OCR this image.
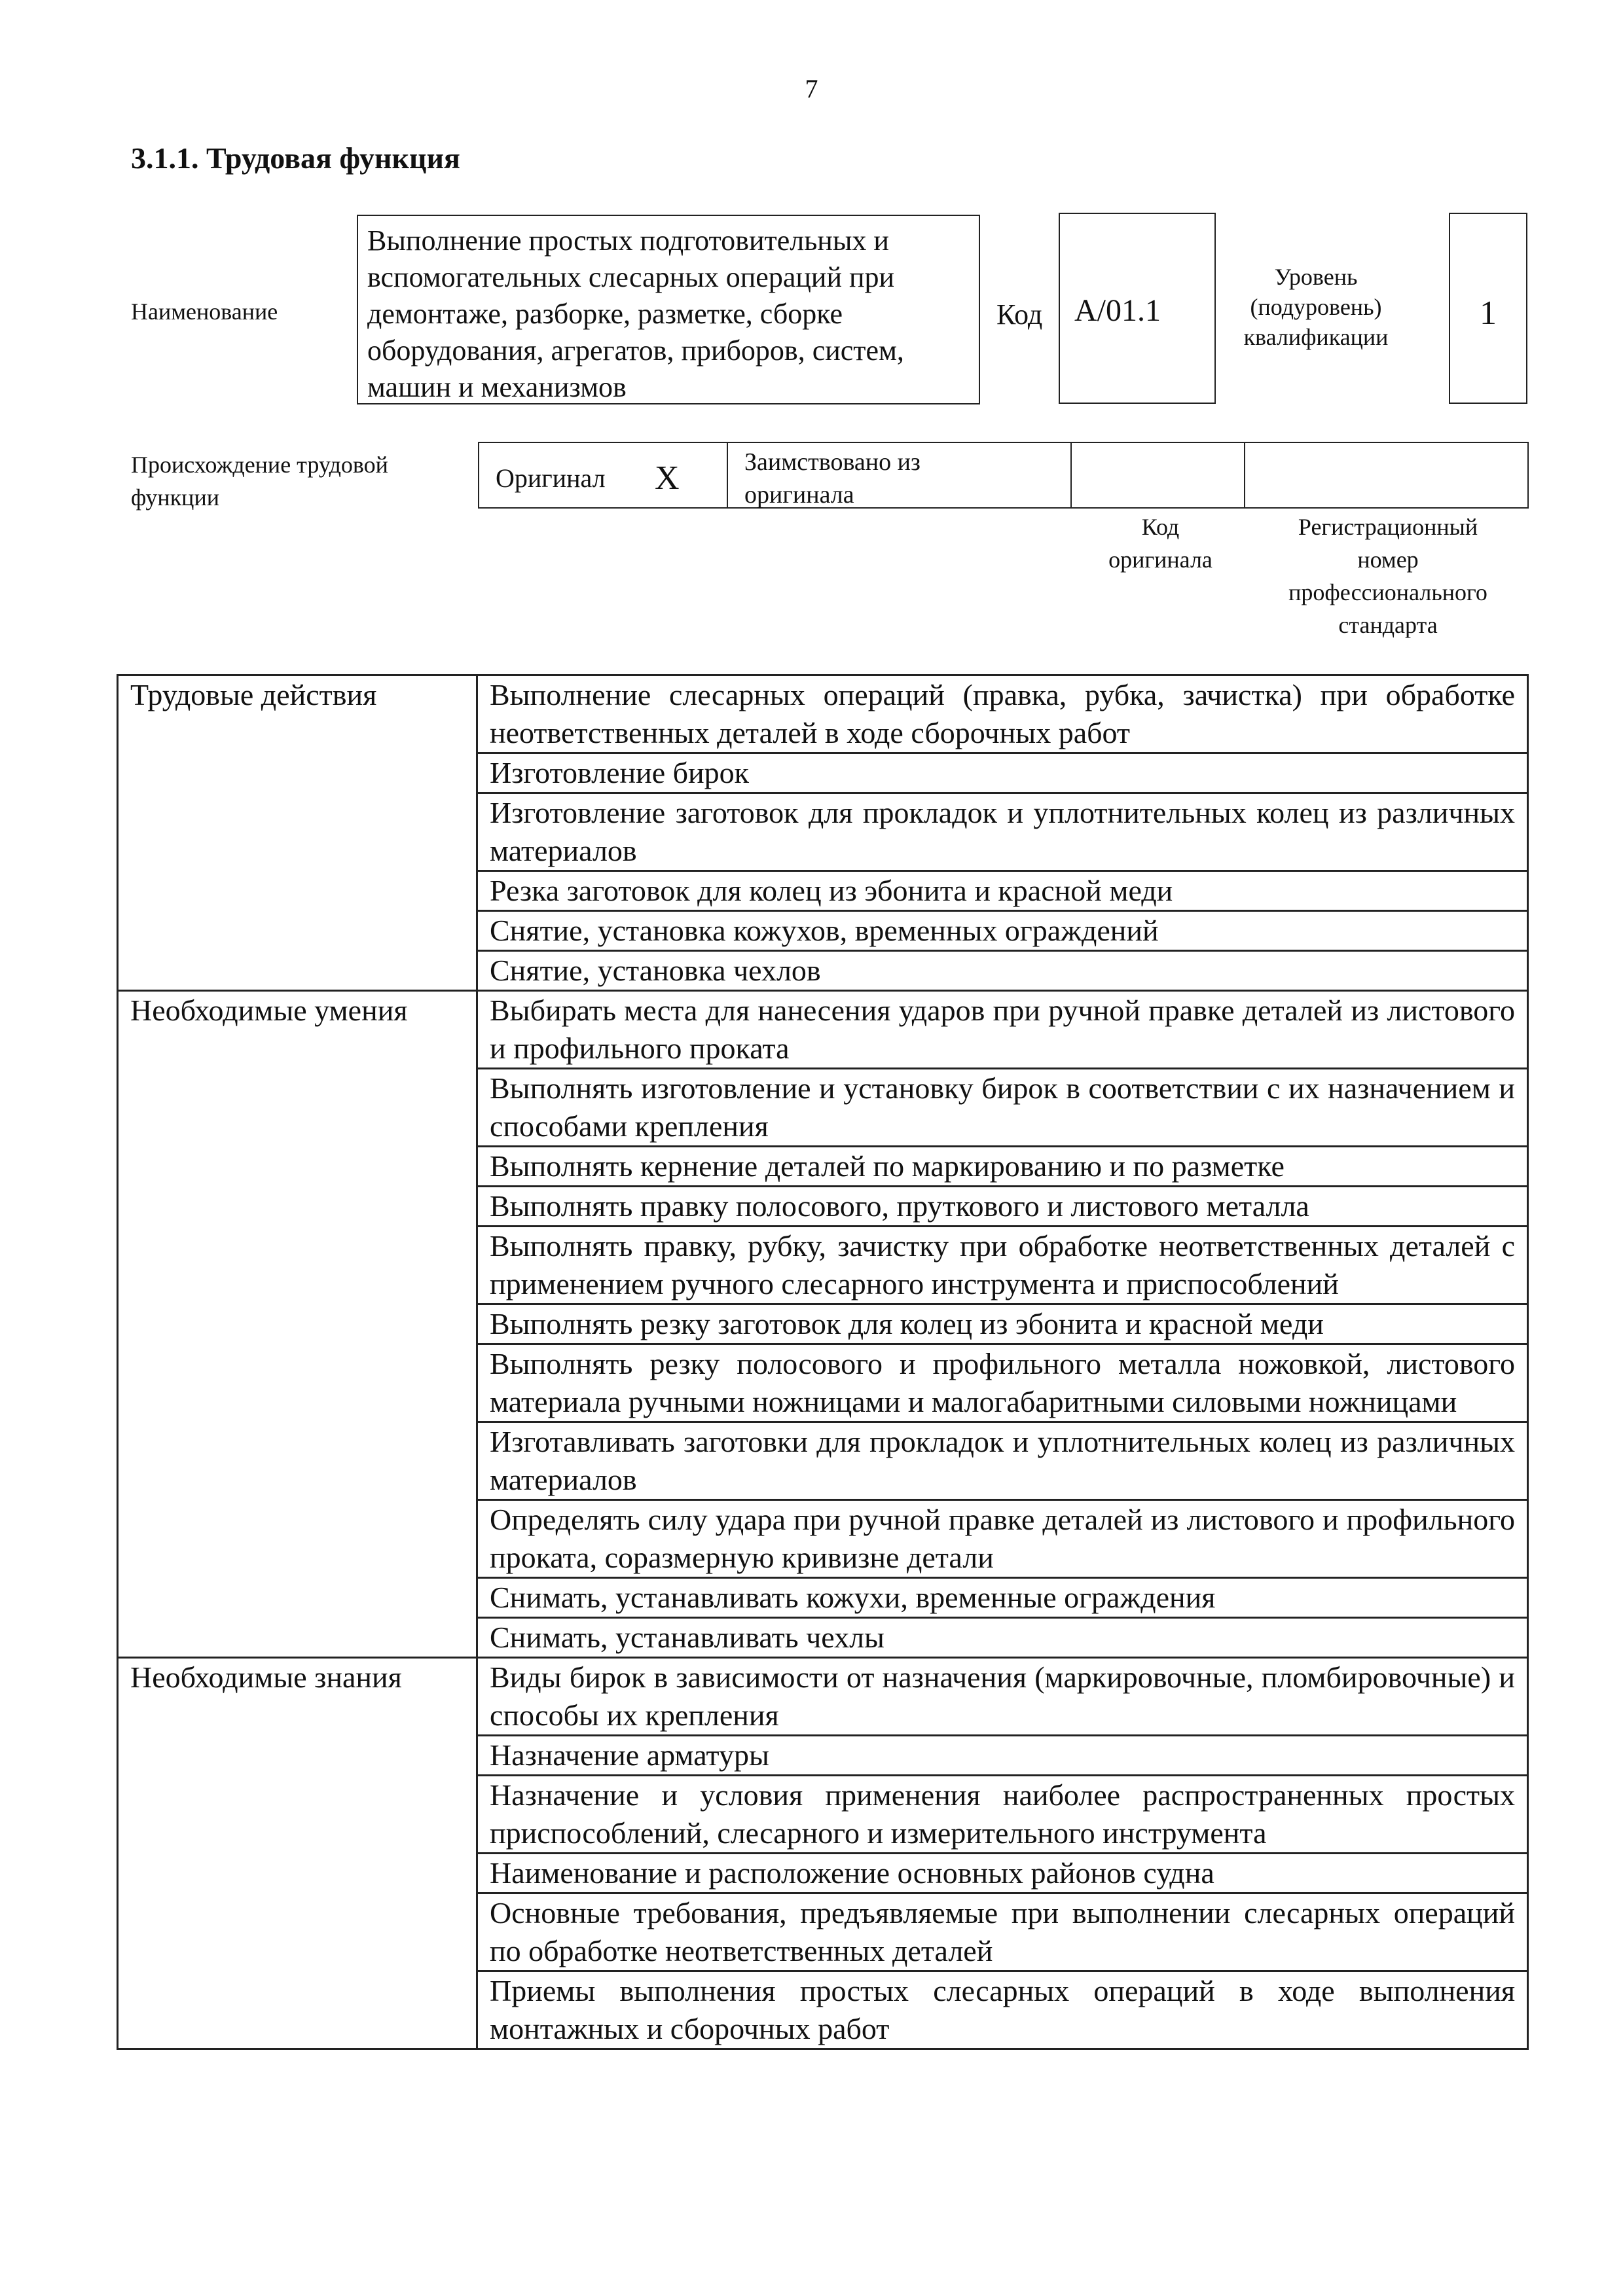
7
3.1.1. Трудовая функция
Наименование
Выполнение простых подготовительных и вспомогательных слесарных операций при демонтаже, разборке, разметке, сборке оборудования, агрегатов, приборов, систем, машин и механизмов
Код	А/01.1
Уровень
(подуровень)
квалификации
1
Происхождение трудовой
функции
Оригинал X	Заимствовано из
оригинала
Код
оригинала
Регистрационный
номер
профессионального
стандарта
Трудовые действия	Выполнение слесарных операций (правка, рубка, зачистка) при обработке неответственных деталей в ходе сборочных работ
	Изготовление бирок
	Изготовление заготовок для прокладок и уплотнительных колец из различных материалов
	Резка заготовок для колец из эбонита и красной меди
	Снятие, установка кожухов, временных ограждений
	Снятие, установка чехлов
Необходимые умения	Выбирать места для нанесения ударов при ручной правке деталей из листового и профильного проката
	Выполнять изготовление и установку бирок в соответствии с их назначением и способами крепления
	Выполнять кернение деталей по маркированию и по разметке
	Выполнять правку полосового, пруткового и листового металла
	Выполнять правку, рубку, зачистку при обработке неответственных деталей с применением ручного слесарного инструмента и приспособлений
	Выполнять резку заготовок для колец из эбонита и красной меди
	Выполнять резку полосового и профильного металла ножовкой, листового материала ручными ножницами и малогабаритными силовыми ножницами
	Изготавливать заготовки для прокладок и уплотнительных колец из различных материалов
	Определять силу удара при ручной правке деталей из листового и профильного проката, соразмерную кривизне детали
	Снимать, устанавливать кожухи, временные ограждения
	Снимать, устанавливать чехлы
Необходимые знания	Виды бирок в зависимости от назначения (маркировочные, пломбировочные) и способы их крепления
	Назначение арматуры
	Назначение и условия применения наиболее распространенных простых приспособлений, слесарного и измерительного инструмента
	Наименование и расположение основных районов судна
	Основные требования, предъявляемые при выполнении слесарных операций по обработке неответственных деталей
	Приемы выполнения простых слесарных операций в ходе выполнения монтажных и сборочных работ
